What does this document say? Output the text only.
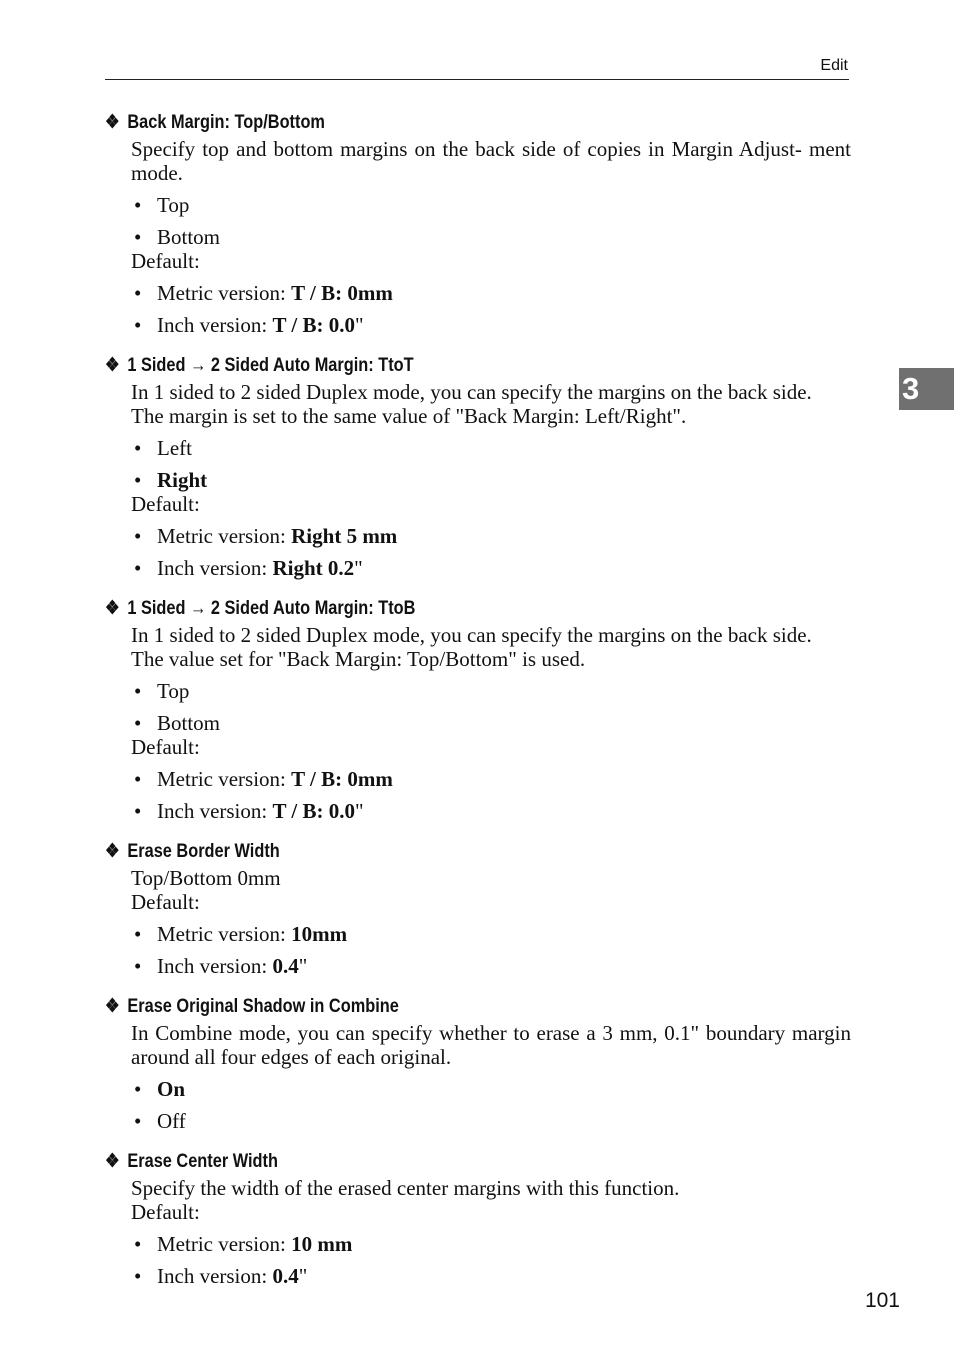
Edit
3
❖ Back Margin: Top/Bottom

Specify top and bottom margins on the back side of copies in Margin Adjust- ment mode.

• Top
• Bottom
Default:
• Metric version: T / B: 0mm
• Inch version: T / B: 0.0"
❖ 1 Sided → 2 Sided Auto Margin: TtoT

In 1 sided to 2 sided Duplex mode, you can specify the margins on the back side.

The margin is set to the same value of "Back Margin: Left/Right".

• Left
• Right
Default:
• Metric version: Right 5 mm
• Inch version: Right 0.2"
❖ 1 Sided → 2 Sided Auto Margin: TtoB

In 1 sided to 2 sided Duplex mode, you can specify the margins on the back side.

The value set for "Back Margin: Top/Bottom" is used.

• Top
• Bottom
Default:
• Metric version: T / B: 0mm
• Inch version: T / B: 0.0"
❖ Erase Border Width

Top/Bottom 0mm

Default:
• Metric version: 10mm
• Inch version: 0.4"
❖ Erase Original Shadow in Combine

In Combine mode, you can specify whether to erase a 3 mm, 0.1" boundary margin around all four edges of each original.

• On
• Off
❖ Erase Center Width

Specify the width of the erased center margins with this function.

Default:
• Metric version: 10 mm
• Inch version: 0.4"
101
